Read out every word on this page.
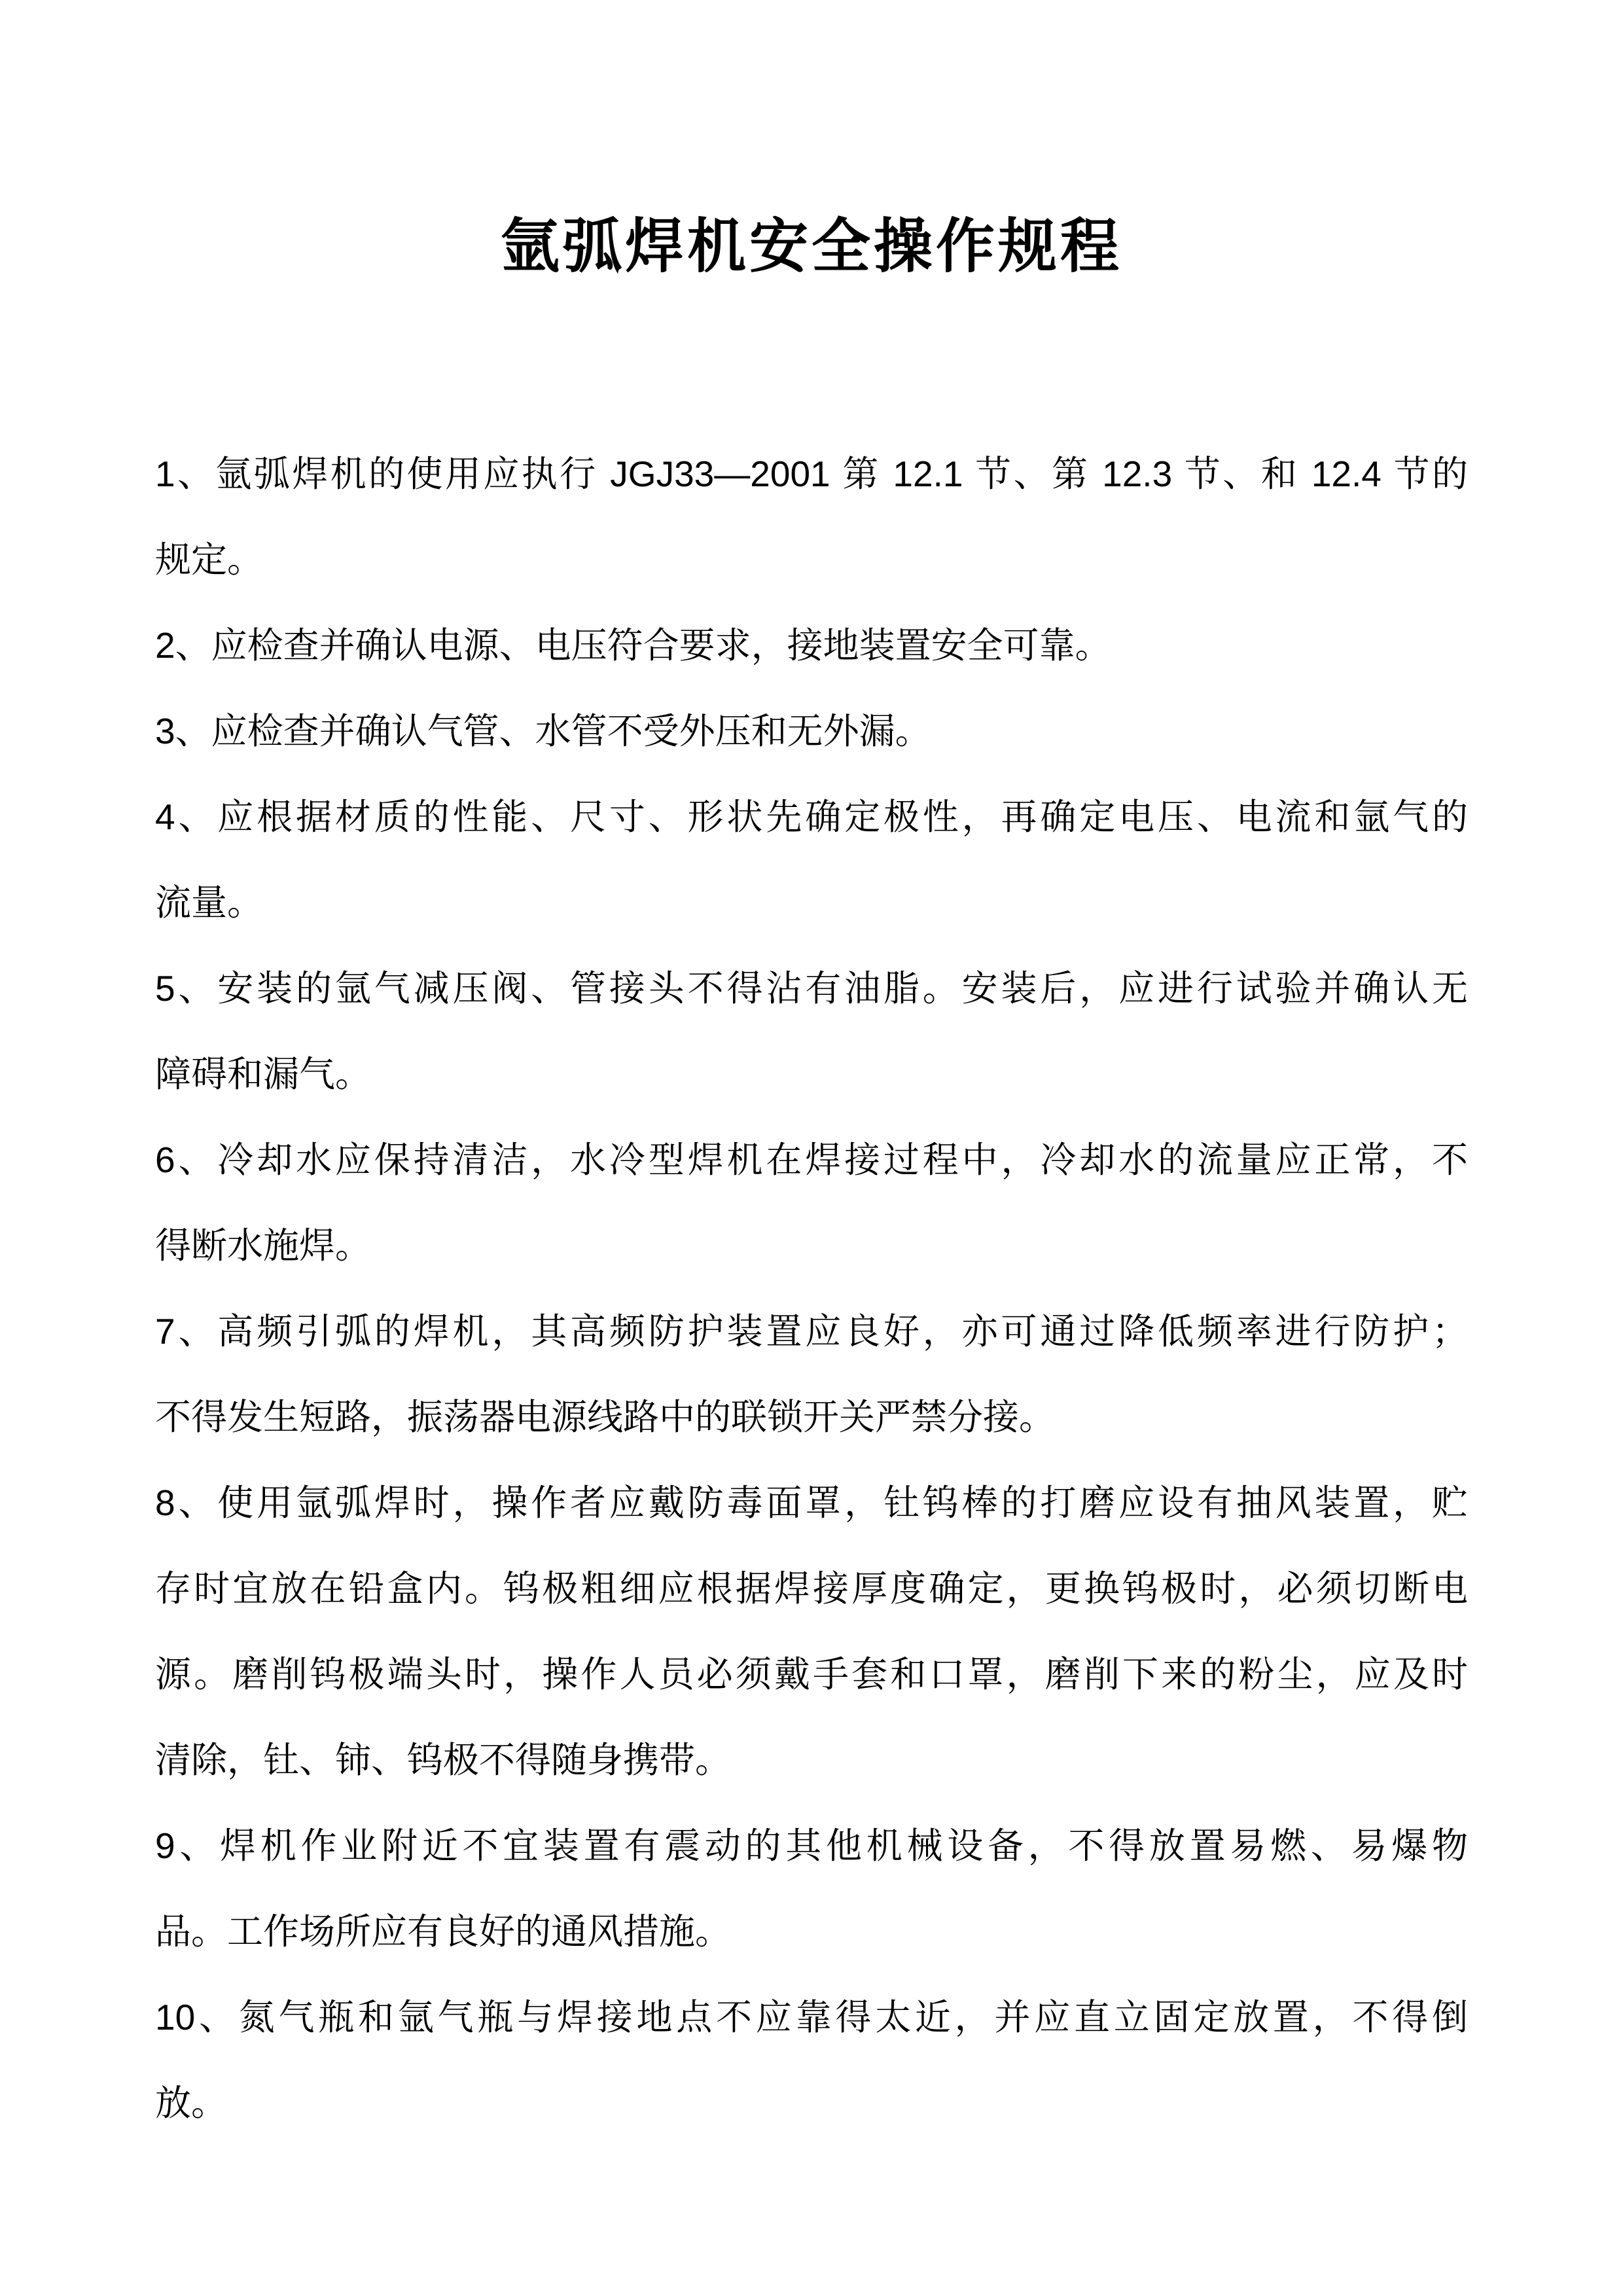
氩弧焊机安全操作规程
1、氩弧焊机的使用应执行 JGJ33—2001 第 12.1 节、第 12.3 节、和 12.4 节的
规定。
2、应检查并确认电源、电压符合要求，接地装置安全可靠。
3、应检查并确认气管、水管不受外压和无外漏。
4、应根据材质的性能、尺寸、形状先确定极性，再确定电压、电流和氩气的
流量。
5、安装的氩气减压阀、管接头不得沾有油脂。安装后，应进行试验并确认无
障碍和漏气。
6、冷却水应保持清洁，水冷型焊机在焊接过程中，冷却水的流量应正常，不
得断水施焊。
7、高频引弧的焊机，其高频防护装置应良好，亦可通过降低频率进行防护；
不得发生短路，振荡器电源线路中的联锁开关严禁分接。
8、使用氩弧焊时，操作者应戴防毒面罩，钍钨棒的打磨应设有抽风装置，贮
存时宜放在铅盒内。钨极粗细应根据焊接厚度确定，更换钨极时，必须切断电
源。磨削钨极端头时，操作人员必须戴手套和口罩，磨削下来的粉尘，应及时
清除，钍、铈、钨极不得随身携带。
9、焊机作业附近不宜装置有震动的其他机械设备，不得放置易燃、易爆物
品。工作场所应有良好的通风措施。
10、氮气瓶和氩气瓶与焊接地点不应靠得太近，并应直立固定放置，不得倒
放。
